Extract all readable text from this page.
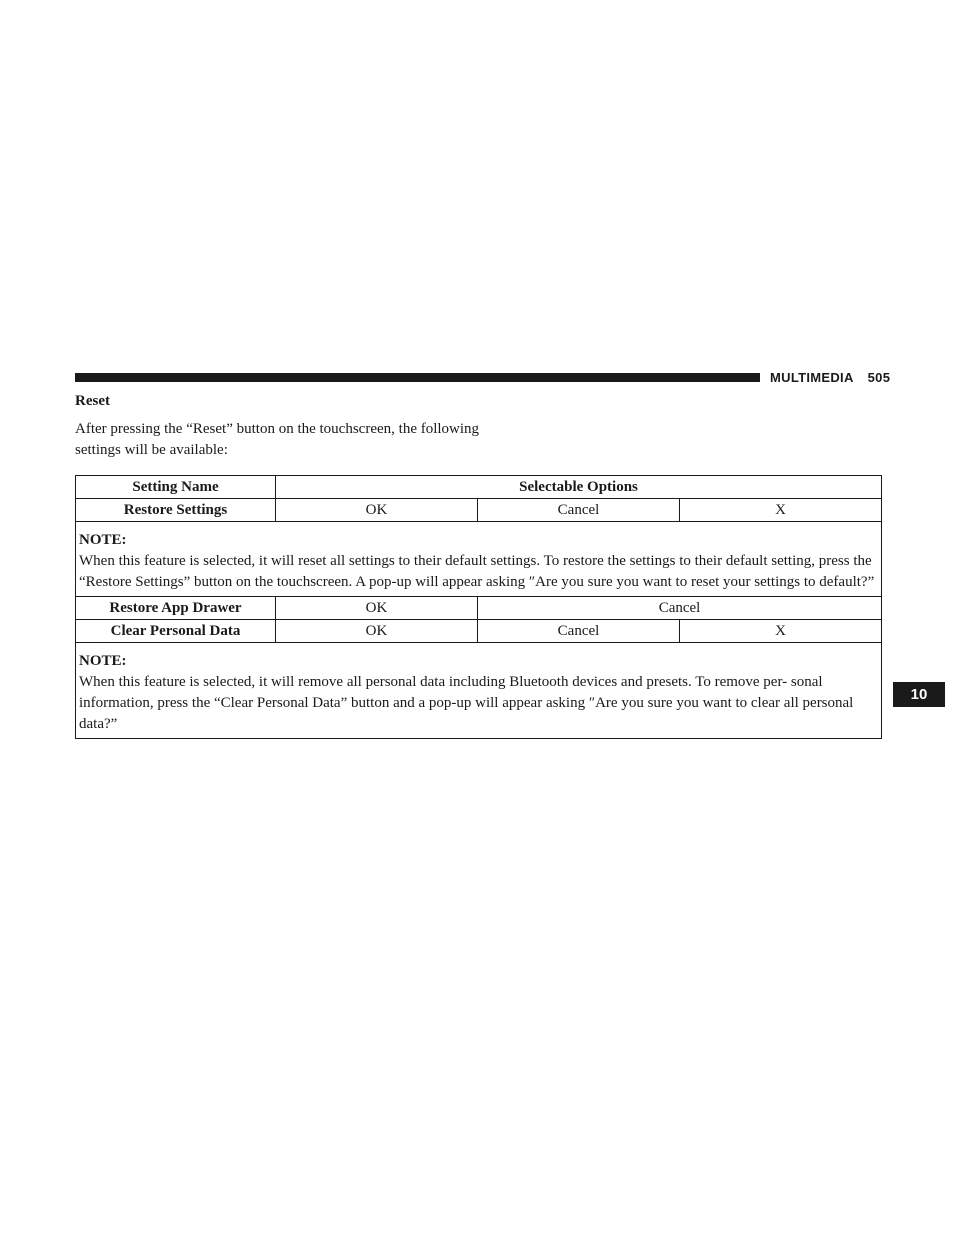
MULTIMEDIA 505
Reset
After pressing the “Reset” button on the touchscreen, the following settings will be available:
Setting Name	Selectable Options		
Restore Settings	OK	Cancel	X

NOTE:
When this feature is selected, it will reset all settings to their default settings. To restore the settings to their default setting, press the “Restore Settings” button on the touchscreen. A pop-up will appear asking ″Are you sure you want to reset your settings to default?”			
Restore App Drawer	OK	Cancel	
Clear Personal Data	OK	Cancel	X

NOTE:
When this feature is selected, it will remove all personal data including Bluetooth devices and presets. To remove per- sonal information, press the “Clear Personal Data” button and a pop-up will appear asking ″Are you sure you want to clear all personal data?”			
10
